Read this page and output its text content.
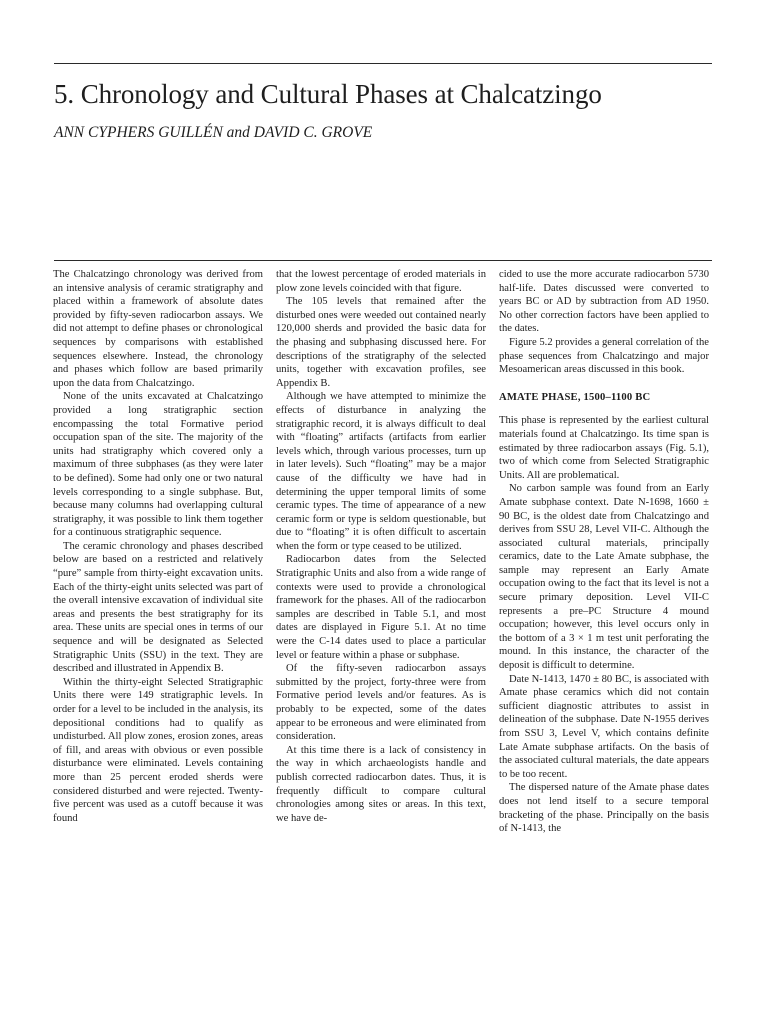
5. Chronology and Cultural Phases at Chalcatzingo
ANN CYPHERS GUILLÉN and DAVID C. GROVE

The Chalcatzingo chronology was derived from an intensive analysis of ceramic stratigraphy and placed within a framework of absolute dates provided by fifty-seven radiocarbon assays. We did not attempt to define phases or chronological sequences by comparisons with established sequences elsewhere. Instead, the chronology and phases which follow are based primarily upon the data from Chalcatzingo.

None of the units excavated at Chalcatzingo provided a long stratigraphic section encompassing the total Formative period occupation span of the site. The majority of the units had stratigraphy which covered only a maximum of three subphases (as they were later to be defined). Some had only one or two natural levels corresponding to a single subphase. But, because many columns had overlapping cultural stratigraphy, it was possible to link them together for a continuous stratigraphic sequence.

The ceramic chronology and phases described below are based on a restricted and relatively “pure” sample from thirty-eight excavation units. Each of the thirty-eight units selected was part of the overall intensive excavation of individual site areas and presents the best stratigraphy for its area. These units are special ones in terms of our sequence and will be designated as Selected Stratigraphic Units (SSU) in the text. They are described and illustrated in Appendix B.

Within the thirty-eight Selected Stratigraphic Units there were 149 stratigraphic levels. In order for a level to be included in the analysis, its depositional conditions had to qualify as undisturbed. All plow zones, erosion zones, areas of fill, and areas with obvious or even possible disturbance were eliminated. Levels containing more than 25 percent eroded sherds were considered disturbed and were rejected. Twenty-five percent was used as a cutoff because it was found

that the lowest percentage of eroded materials in plow zone levels coincided with that figure.

The 105 levels that remained after the disturbed ones were weeded out contained nearly 120,000 sherds and provided the basic data for the phasing and subphasing discussed here. For descriptions of the stratigraphy of the selected units, together with excavation profiles, see Appendix B.

Although we have attempted to minimize the effects of disturbance in analyzing the stratigraphic record, it is always difficult to deal with “floating” artifacts (artifacts from earlier levels which, through various processes, turn up in later levels). Such “floating” may be a major cause of the difficulty we have had in determining the upper temporal limits of some ceramic types. The time of appearance of a new ceramic form or type is seldom questionable, but due to “floating” it is often difficult to ascertain when the form or type ceased to be utilized.

Radiocarbon dates from the Selected Stratigraphic Units and also from a wide range of contexts were used to provide a chronological framework for the phases. All of the radiocarbon samples are described in Table 5.1, and most dates are displayed in Figure 5.1. At no time were the C-14 dates used to place a particular level or feature within a phase or subphase.

Of the fifty-seven radiocarbon assays submitted by the project, forty-three were from Formative period levels and/or features. As is probably to be expected, some of the dates appear to be erroneous and were eliminated from consideration.

At this time there is a lack of consistency in the way in which archaeologists handle and publish corrected radiocarbon dates. Thus, it is frequently difficult to compare cultural chronologies among sites or areas. In this text, we have de-

cided to use the more accurate radiocarbon 5730 half-life. Dates discussed were converted to years BC or AD by subtraction from AD 1950. No other correction factors have been applied to the dates.

Figure 5.2 provides a general correlation of the phase sequences from Chalcatzingo and major Mesoamerican areas discussed in this book.

AMATE PHASE, 1500–1100 BC

This phase is represented by the earliest cultural materials found at Chalcatzingo. Its time span is estimated by three radiocarbon assays (Fig. 5.1), two of which come from Selected Stratigraphic Units. All are problematical.

No carbon sample was found from an Early Amate subphase context. Date N-1698, 1660 ± 90 BC, is the oldest date from Chalcatzingo and derives from SSU 28, Level VII-C. Although the associated cultural materials, principally ceramics, date to the Late Amate subphase, the sample may represent an Early Amate occupation owing to the fact that its level is not a secure primary deposition. Level VII-C represents a pre–PC Structure 4 mound occupation; however, this level occurs only in the bottom of a 3 × 1 m test unit perforating the mound. In this instance, the character of the deposit is difficult to determine.

Date N-1413, 1470 ± 80 BC, is associated with Amate phase ceramics which did not contain sufficient diagnostic attributes to assist in delineation of the subphase. Date N-1955 derives from SSU 3, Level V, which contains definite Late Amate subphase artifacts. On the basis of the associated cultural materials, the date appears to be too recent.

The dispersed nature of the Amate phase dates does not lend itself to a secure temporal bracketing of the phase. Principally on the basis of N-1413, the
